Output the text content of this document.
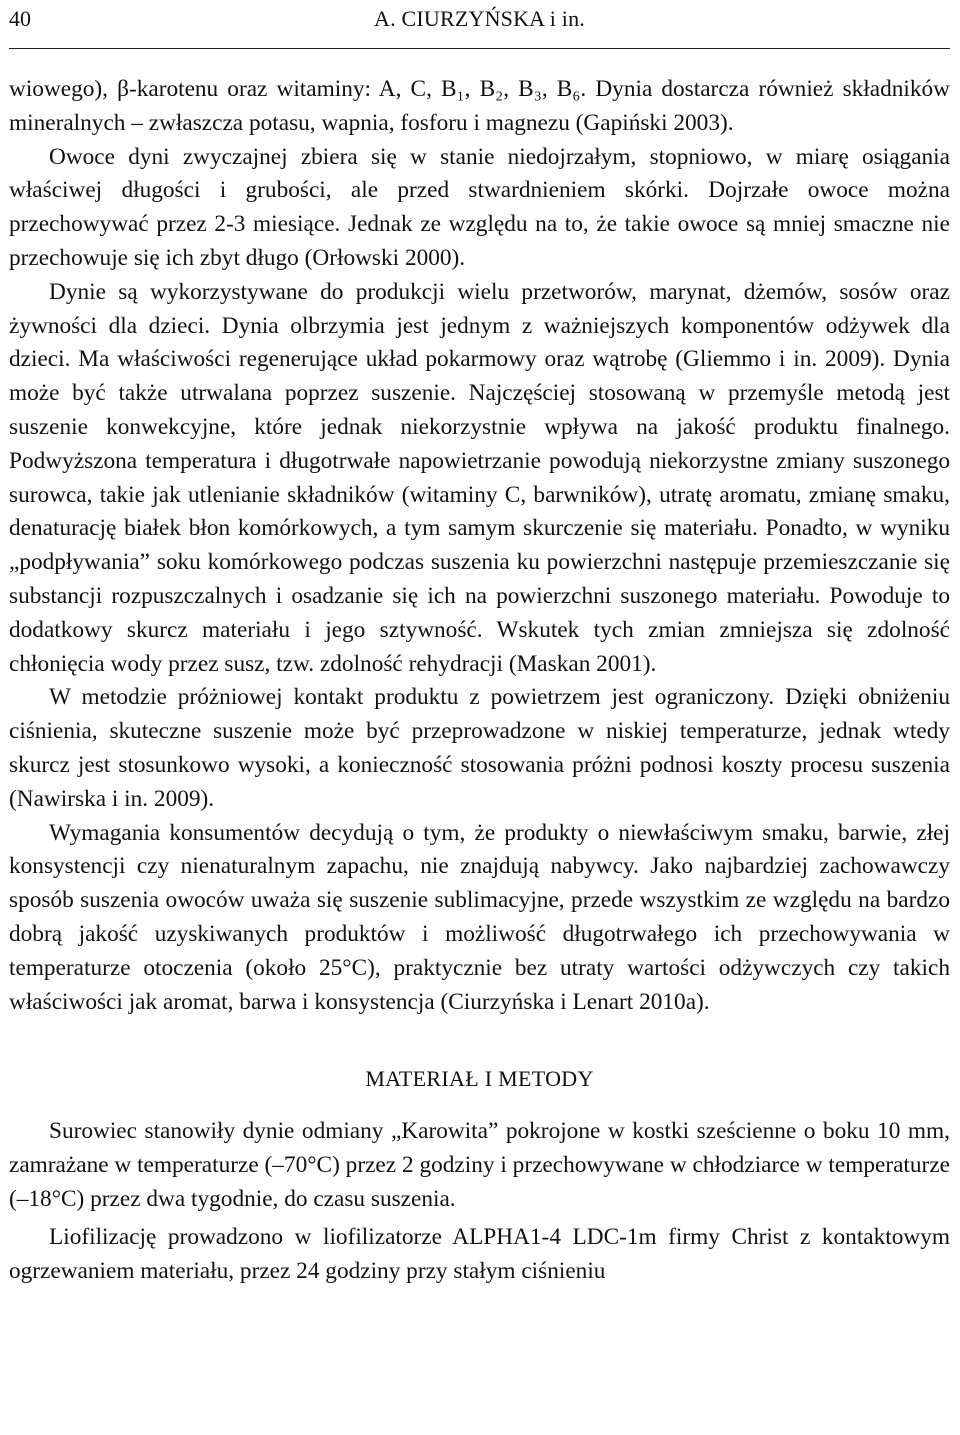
40	A. CIURZYŃSKA i in.

wiowego), β-karotenu oraz witaminy: A, C, B₁, B₂, B₃, B₆. Dynia dostarcza również składników mineralnych – zwłaszcza potasu, wapnia, fosforu i magnezu (Gapiński 2003).

Owoce dyni zwyczajnej zbiera się w stanie niedojrzałym, stopniowo, w miarę osiągania właściwej długości i grubości, ale przed stwardnieniem skórki. Dojrzałe owoce można przechowywać przez 2-3 miesiące. Jednak ze względu na to, że takie owoce są mniej smaczne nie przechowuje się ich zbyt długo (Orłowski 2000).

Dynie są wykorzystywane do produkcji wielu przetworów, marynat, dżemów, sosów oraz żywności dla dzieci. Dynia olbrzymia jest jednym z ważniejszych komponentów odżywek dla dzieci. Ma właściwości regenerujące układ pokarmowy oraz wątrobę (Gliemmo i in. 2009). Dynia może być także utrwalana poprzez suszenie. Najczęściej stosowaną w przemyśle metodą jest suszenie konwekcyjne, które jednak niekorzystnie wpływa na jakość produktu finalnego. Podwyższona temperatura i długotrwałe napowietrzanie powodują niekorzystne zmiany suszonego surowca, takie jak utlenianie składników (witaminy C, barwników), utratę aromatu, zmianę smaku, denaturację białek błon komórkowych, a tym samym skurczenie się materiału. Ponadto, w wyniku „podpływania” soku komórkowego podczas suszenia ku powierzchni następuje przemieszczanie się substancji rozpuszczalnych i osadzanie się ich na powierzchni suszonego materiału. Powoduje to dodatkowy skurcz materiału i jego sztywność. Wskutek tych zmian zmniejsza się zdolność chłonięcia wody przez susz, tzw. zdolność rehydracji (Maskan 2001).

W metodzie próżniowej kontakt produktu z powietrzem jest ograniczony. Dzięki obniżeniu ciśnienia, skuteczne suszenie może być przeprowadzone w niskiej temperaturze, jednak wtedy skurcz jest stosunkowo wysoki, a konieczność stosowania próżni podnosi koszty procesu suszenia (Nawirska i in. 2009).

Wymagania konsumentów decydują o tym, że produkty o niewłaściwym smaku, barwie, złej konsystencji czy nienaturalnym zapachu, nie znajdują nabywcy. Jako najbardziej zachowawczy sposób suszenia owoców uważa się suszenie sublimacyjne, przede wszystkim ze względu na bardzo dobrą jakość uzyskiwanych produktów i możliwość długotrwałego ich przechowywania w temperaturze otoczenia (około 25°C), praktycznie bez utraty wartości odżywczych czy takich właściwości jak aromat, barwa i konsystencja (Ciurzyńska i Lenart 2010a).

MATERIAŁ I METODY

Surowiec stanowiły dynie odmiany „Karowita” pokrojone w kostki sześcienne o boku 10 mm, zamrażane w temperaturze (–70°C) przez 2 godziny i przechowywane w chłodziarce w temperaturze (–18°C) przez dwa tygodnie, do czasu suszenia.

Liofilizację prowadzono w liofilizatorze ALPHA1-4 LDC-1m firmy Christ z kontaktowym ogrzewaniem materiału, przez 24 godziny przy stałym ciśnieniu
